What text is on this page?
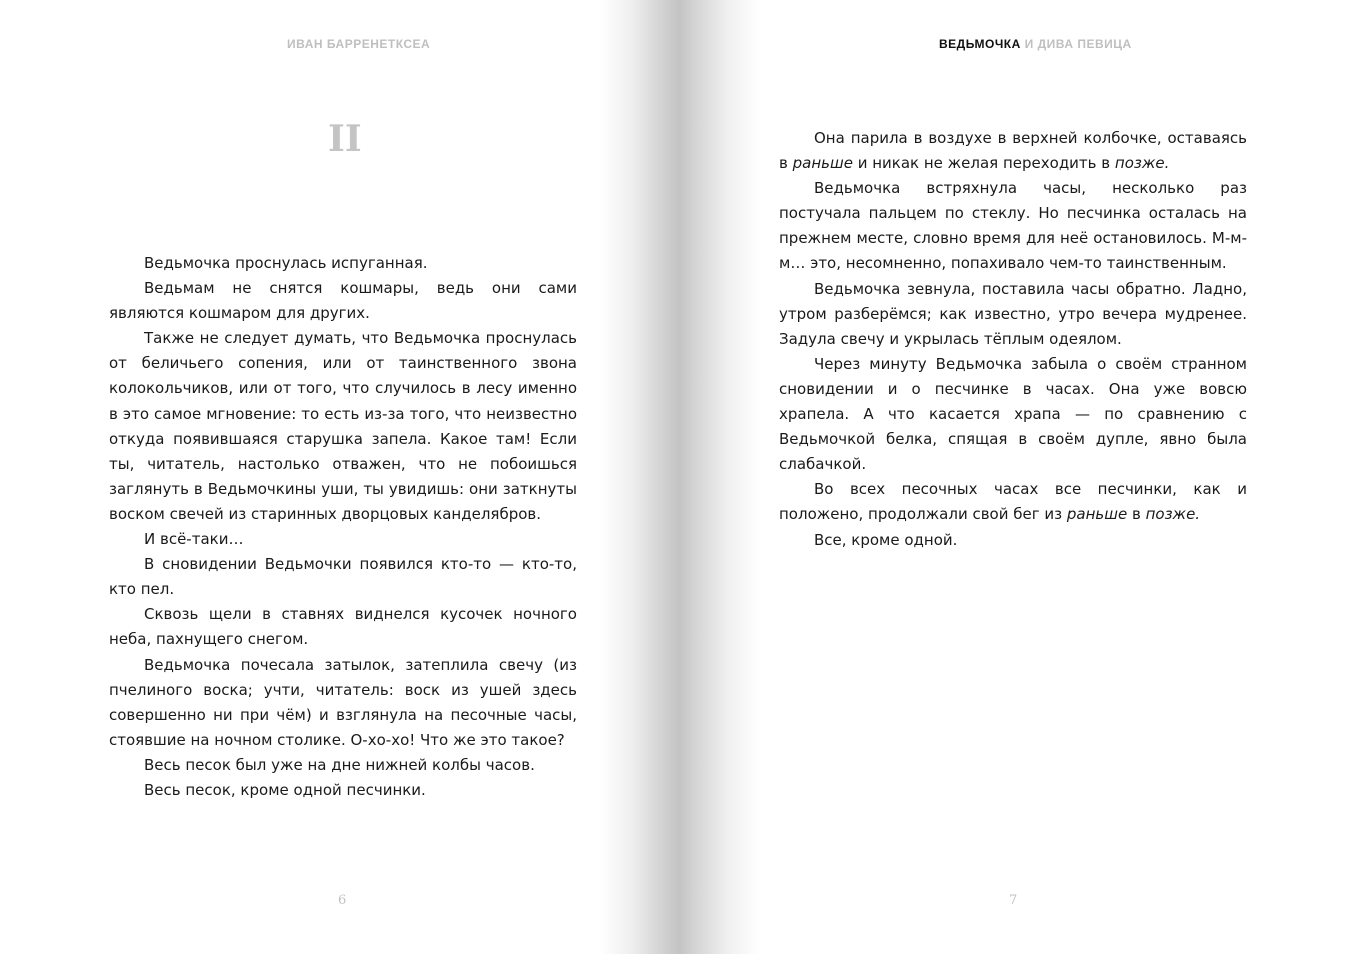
ИВАН БАРРЕНЕТКСЕА
II

Ведьмочка проснулась испуганная.

Ведьмам не снятся кошмары, ведь они сами являются кошмаром для других.

Также не следует думать, что Ведьмочка проснулась от беличьего сопения, или от таинственного звона колокольчиков, или от того, что случилось в лесу именно в это самое мгновение: то есть из-за того, что неизвестно откуда появившаяся старушка запела. Какое там! Если ты, читатель, настолько отважен, что не побоишься заглянуть в Ведьмочкины уши, ты увидишь: они заткнуты воском свечей из старинных дворцовых канделябров.

И всё-таки…

В сновидении Ведьмочки появился кто-то — кто-то, кто пел.

Сквозь щели в ставнях виднелся кусочек ночного неба, пахнущего снегом.

Ведьмочка почесала затылок, затеплила свечу (из пчелиного воска; учти, читатель: воск из ушей здесь совершенно ни при чём) и взглянула на песочные часы, стоявшие на ночном столике. О-хо-хо! Что же это такое?

Весь песок был уже на дне нижней колбы часов.

Весь песок, кроме одной песчинки.

6
ВЕДЬМОЧКА И ДИВА ПЕВИЦА

Она парила в воздухе в верхней колбочке, оставаясь в раньше и никак не желая переходить в позже.

Ведьмочка встряхнула часы, несколько раз постучала пальцем по стеклу. Но песчинка осталась на прежнем месте, словно время для неё остановилось. М-м-м… это, несомненно, попахивало чем-то таинственным.

Ведьмочка зевнула, поставила часы обратно. Ладно, утром разберёмся; как известно, утро вечера мудренее. Задула свечу и укрылась тёплым одеялом.

Через минуту Ведьмочка забыла о своём странном сновидении и о песчинке в часах. Она уже вовсю храпела. А что касается храпа — по сравнению с Ведьмочкой белка, спящая в своём дупле, явно была слабачкой.

Во всех песочных часах все песчинки, как и положено, продолжали свой бег из раньше в позже.

Все, кроме одной.

7
